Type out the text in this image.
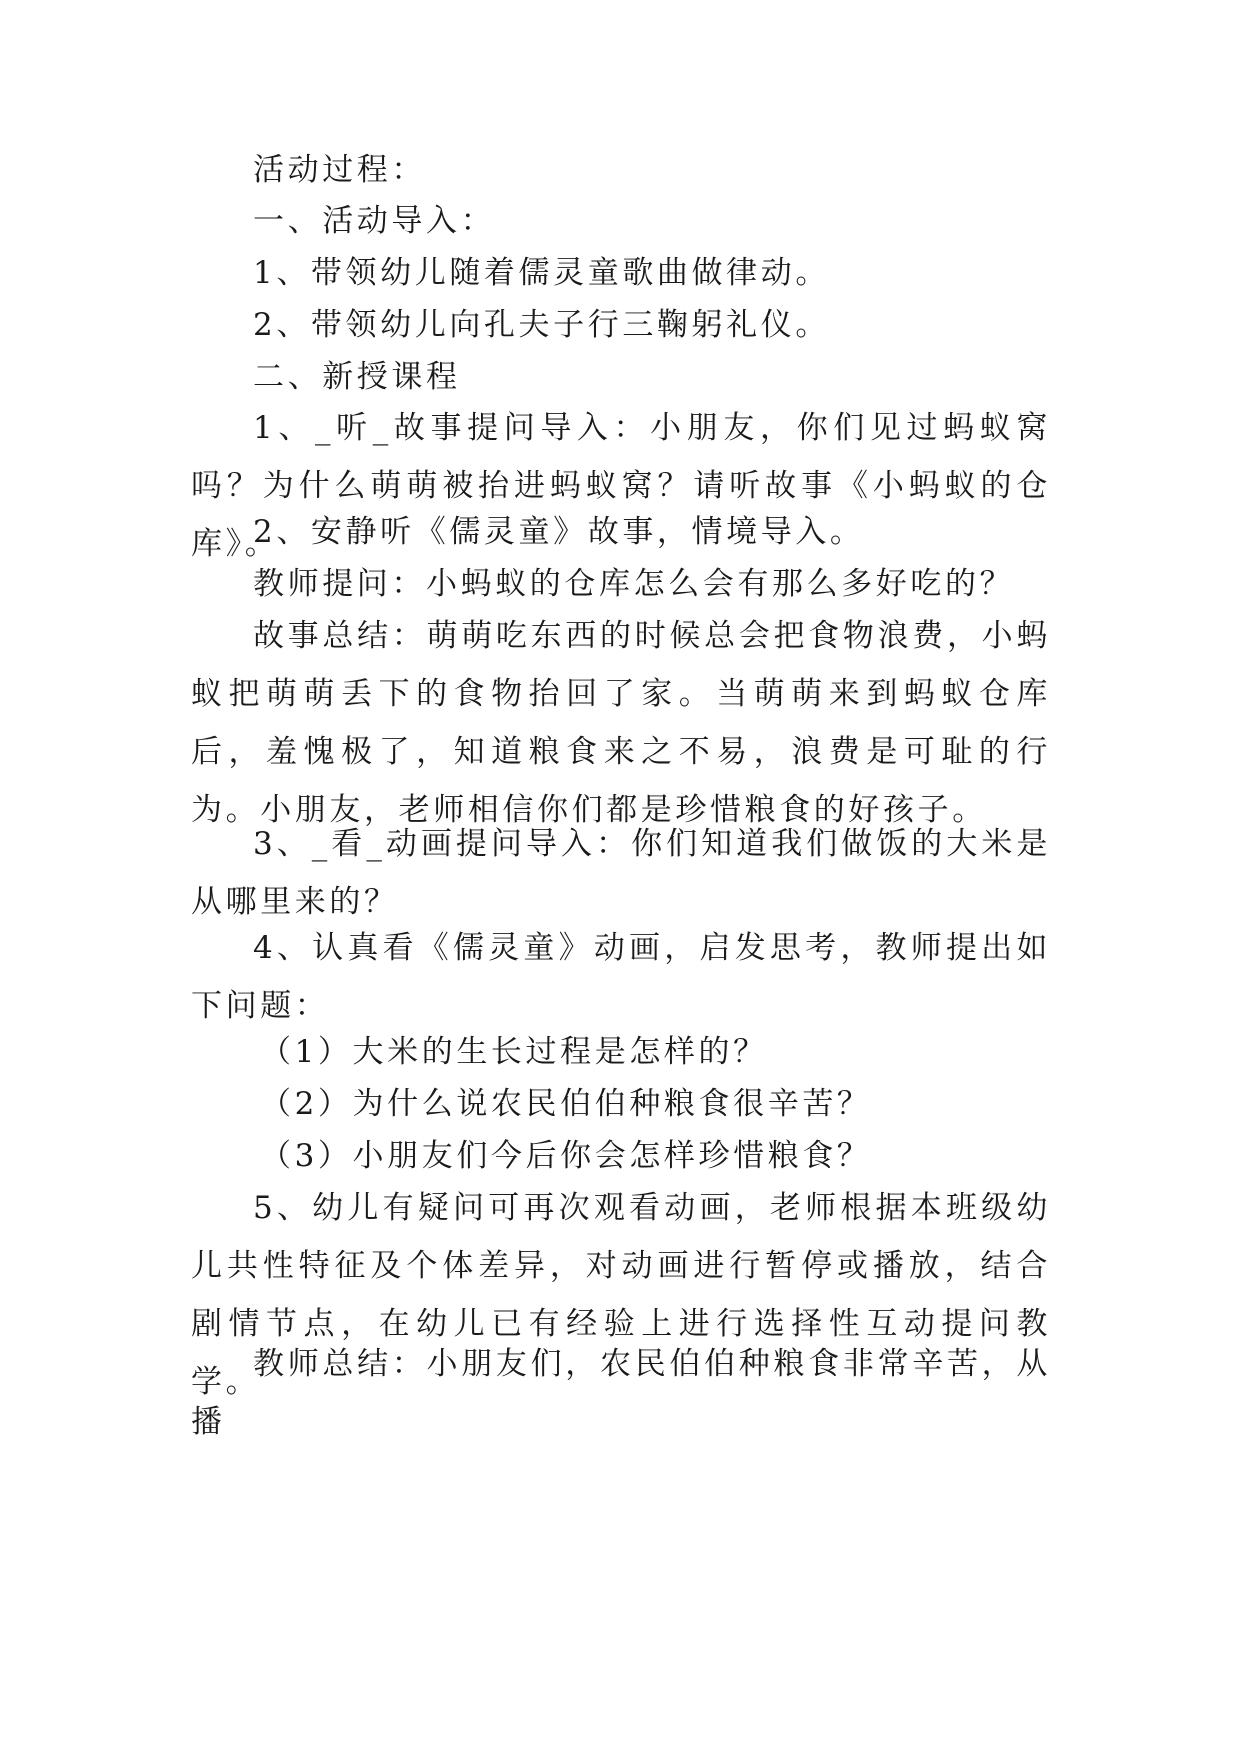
活动过程：

一、活动导入：

1、带领幼儿随着儒灵童歌曲做律动。

2、带领幼儿向孔夫子行三鞠躬礼仪。

二、新授课程

1、_听_故事提问导入：小朋友，你们见过蚂蚁窝吗？为什么萌萌被抬进蚂蚁窝？请听故事《小蚂蚁的仓库》。

2、安静听《儒灵童》故事，情境导入。

教师提问：小蚂蚁的仓库怎么会有那么多好吃的？

故事总结：萌萌吃东西的时候总会把食物浪费，小蚂蚁把萌萌丢下的食物抬回了家。当萌萌来到蚂蚁仓库后，羞愧极了，知道粮食来之不易，浪费是可耻的行为。小朋友，老师相信你们都是珍惜粮食的好孩子。

3、_看_动画提问导入：你们知道我们做饭的大米是从哪里来的？

4、认真看《儒灵童》动画，启发思考，教师提出如下问题：

（1）大米的生长过程是怎样的？

（2）为什么说农民伯伯种粮食很辛苦？

（3）小朋友们今后你会怎样珍惜粮食？

5、幼儿有疑问可再次观看动画，老师根据本班级幼儿共性特征及个体差异，对动画进行暂停或播放，结合剧情节点，在幼儿已有经验上进行选择性互动提问教学。

教师总结：小朋友们，农民伯伯种粮食非常辛苦，从播
